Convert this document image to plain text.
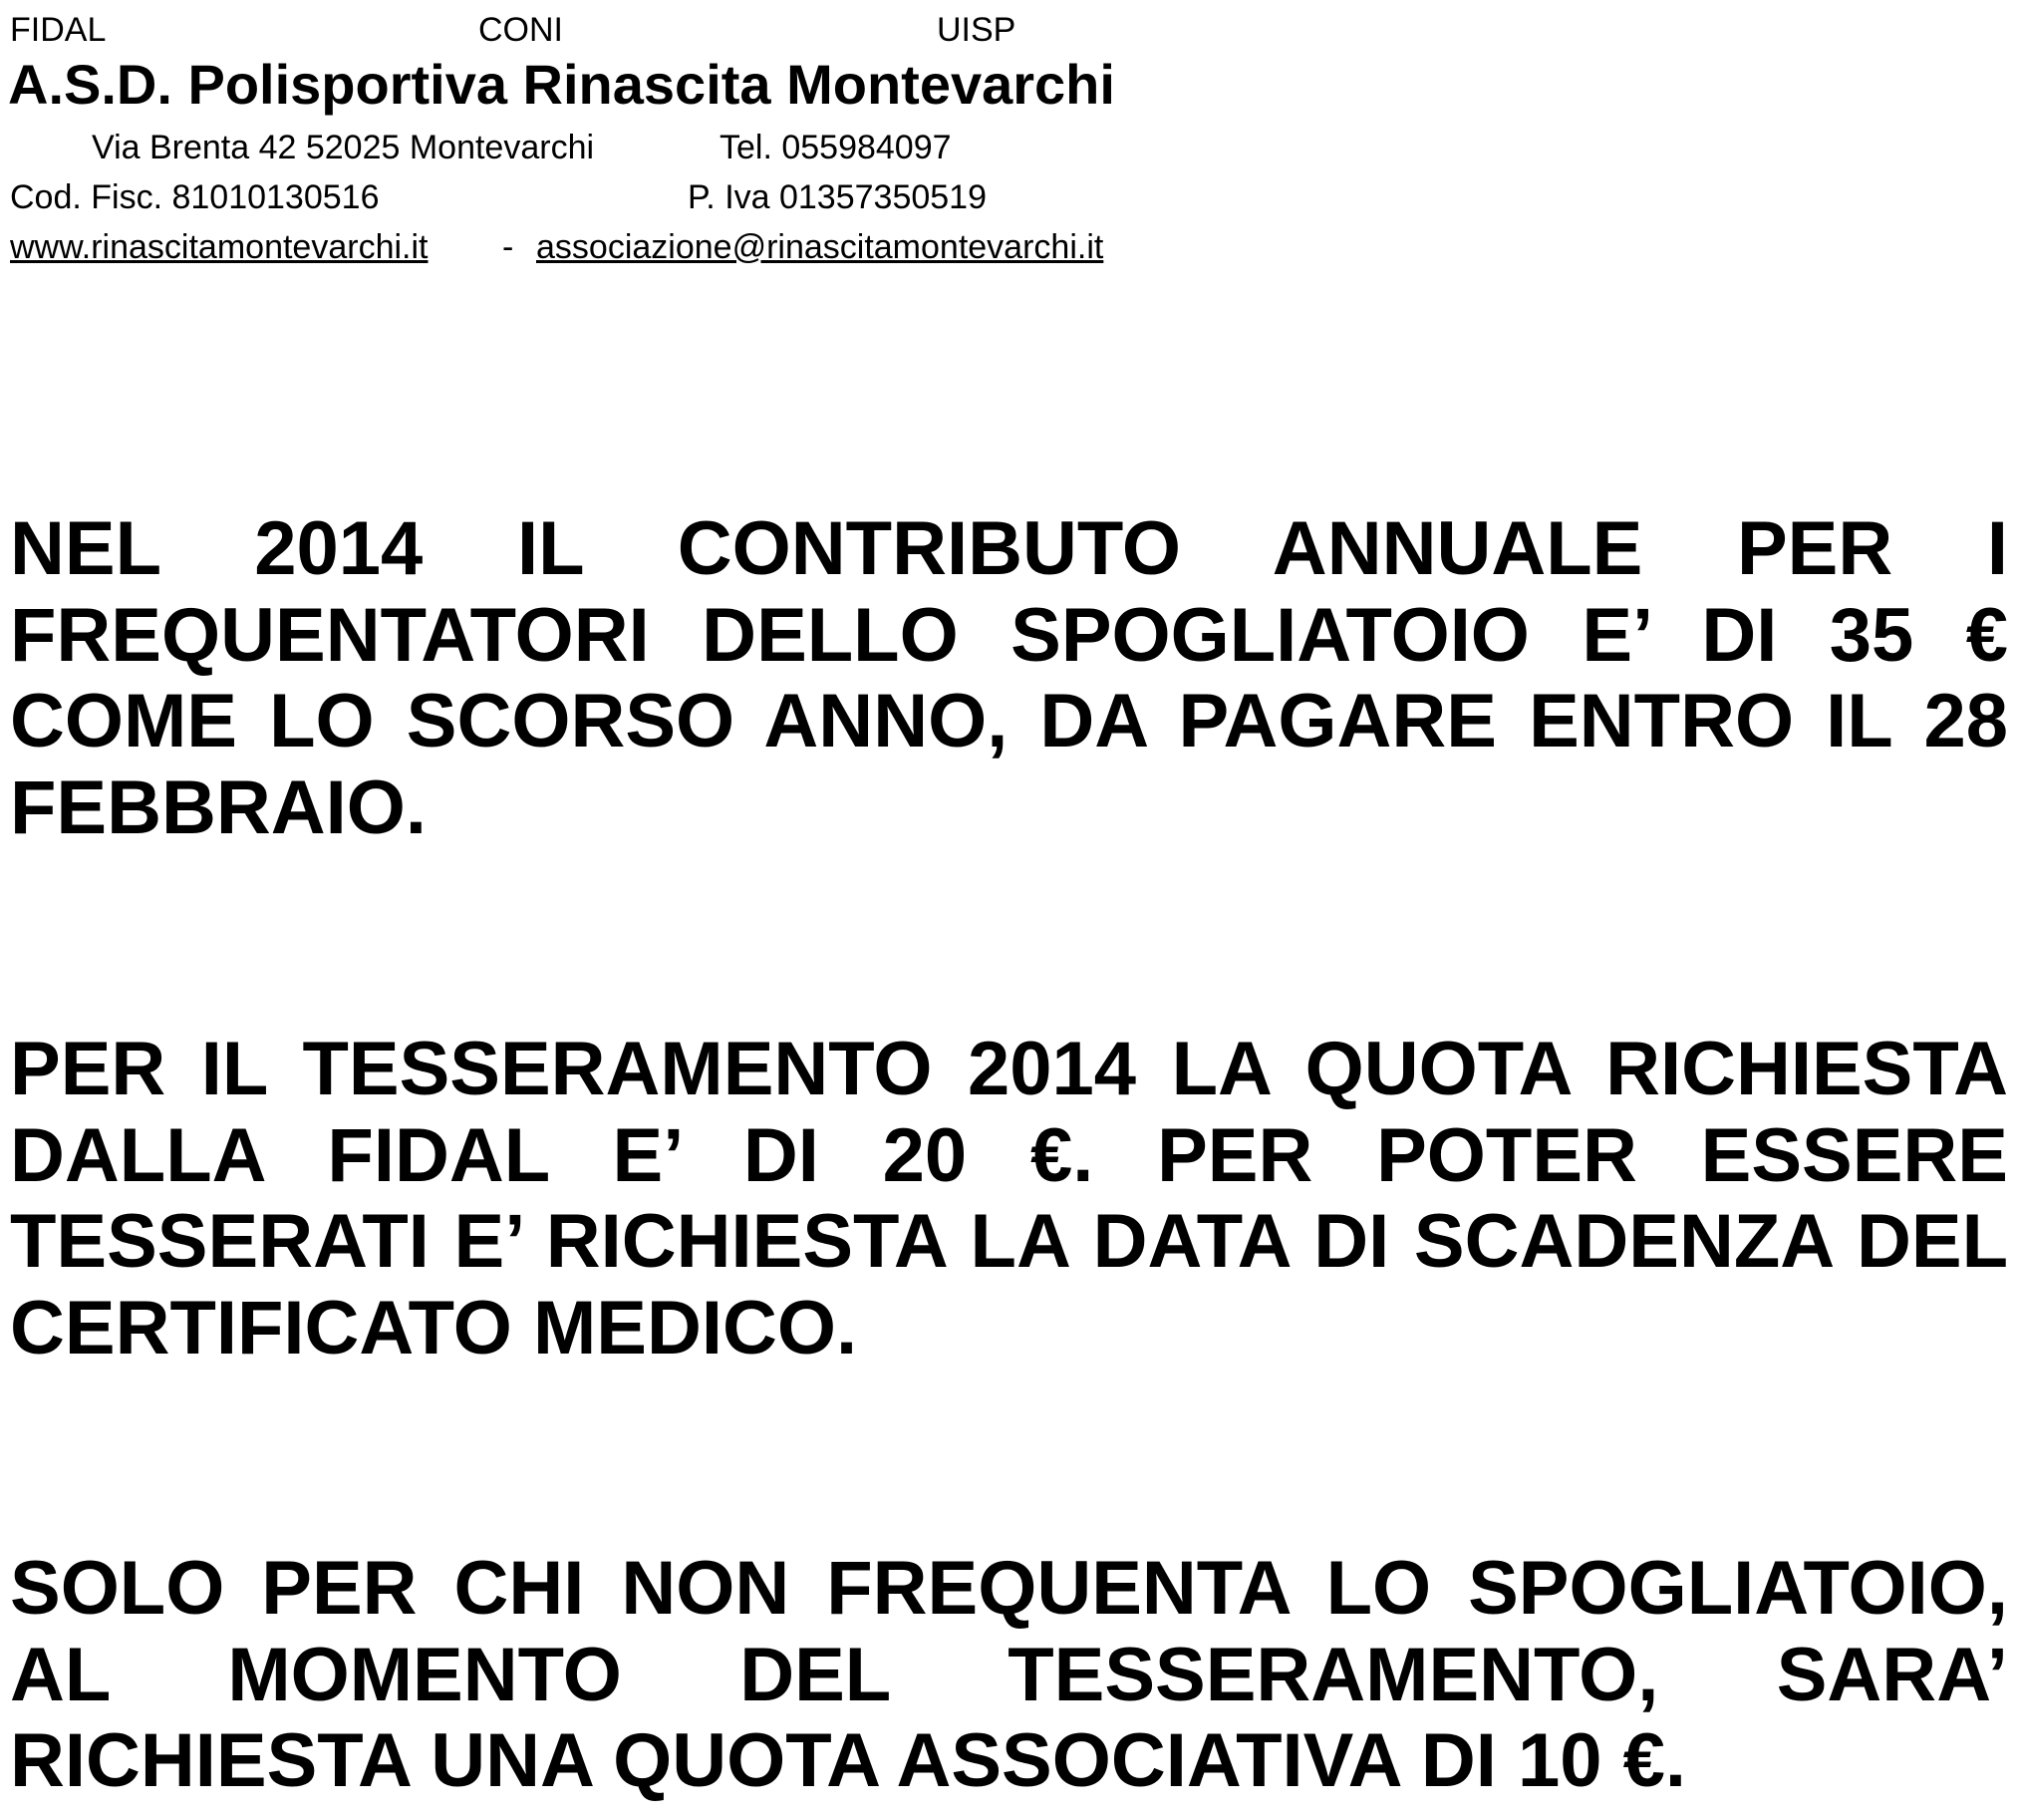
FIDAL	CONI	UISP
A.S.D. Polisportiva Rinascita Montevarchi
Via Brenta 42 52025 Montevarchi	Tel. 055984097
Cod. Fisc. 81010130516	P. Iva 01357350519
www.rinascitamontevarchi.it - associazione@rinascitamontevarchi.it
NEL 2014 IL CONTRIBUTO ANNUALE PER I
FREQUENTATORI DELLO SPOGLIATOIO E’ DI 35 €
COME LO SCORSO ANNO, DA PAGARE ENTRO IL 28
FEBBRAIO.
PER IL TESSERAMENTO 2014 LA QUOTA RICHIESTA
DALLA FIDAL E’ DI 20 €. PER POTER ESSERE
TESSERATI E’ RICHIESTA LA DATA DI SCADENZA DEL
CERTIFICATO MEDICO.
SOLO PER CHI NON FREQUENTA LO SPOGLIATOIO,
AL MOMENTO DEL TESSERAMENTO, SARA’
RICHIESTA UNA QUOTA ASSOCIATIVA DI 10 €.
